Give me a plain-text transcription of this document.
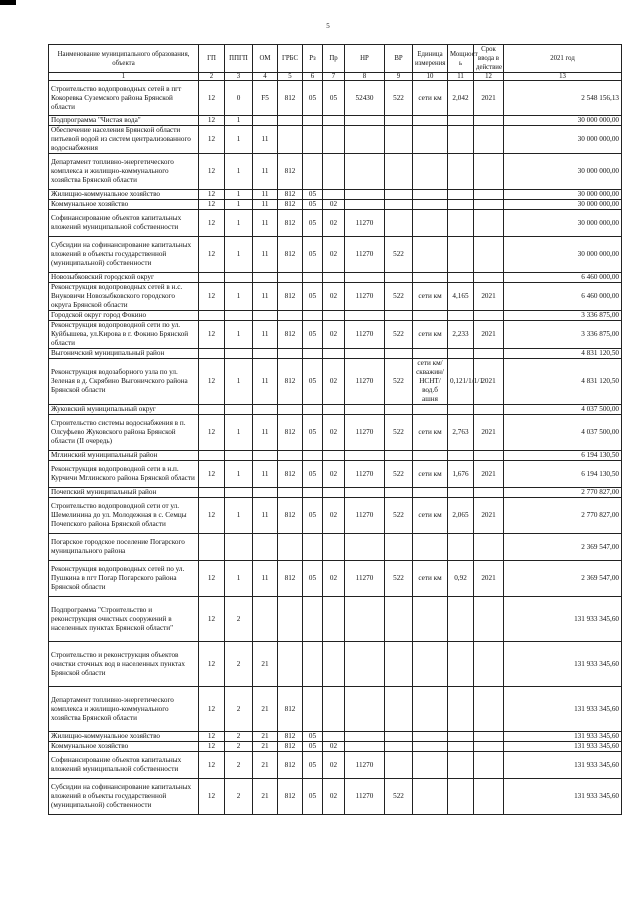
5
Наименование муниципального образования, объекта	ГП	ППГП	ОМ	ГРБС	Рз	Пр	НР	ВР	Единица измерения	Мощност ь	Срок ввода в действие	2021 год
1	2	3	4	5	6	7	8	9	10	11	12	13
Строительство водопроводных сетей в пгт Кокоревка Суземского района Брянской области	12	0	F5	812	05	05	52430	522	сети км	2,042	2021	2 548 156,13
Подпрограмма "Чистая вода"	12	1										30 000 000,00
Обеспечение населения Брянской области питьевой водой из систем централизованного водоснабжения	12	1	11									30 000 000,00
Департамент топливно-энергетического комплекса и жилищно-коммунального хозяйства Брянской области	12	1	11	812								30 000 000,00
Жилищно-коммунальное хозяйство	12	1	11	812	05							30 000 000,00
Коммунальное хозяйство	12	1	11	812	05	02						30 000 000,00
Софинансирование объектов капитальных вложений муниципальной собственности	12	1	11	812	05	02	11270					30 000 000,00
Субсидии на софинансирование капитальных вложений в объекты государственной (муниципальной) собственности	12	1	11	812	05	02	11270	522				30 000 000,00
Новозыбковский городской округ												6 460 000,00
Реконструкция водопроводных сетей в н.с. Внуковичи Новозыбковского городского округа Брянской области	12	1	11	812	05	02	11270	522	сети км	4,165	2021	6 460 000,00
Городской округ город Фокино												3 336 875,00
Реконструкция водопроводной сети по ул. Куйбышева, ул.Кирова в г. Фокино Брянской области	12	1	11	812	05	02	11270	522	сети км	2,233	2021	3 336 875,00
Выгоничский муниципальный район												4 831 120,50
Реконструкция водозаборного узла по ул. Зеленая в д. Скрябино Выгоничского района Брянской области	12	1	11	812	05	02	11270	522	сети км/скважин/ НСНТ/вод.б ашня	0,121/1/1/1	2021	4 831 120,50
Жуковский муниципальный округ												4 037 500,00
Строительство системы водоснабжения в п. Олсуфьево Жуковского района Брянской области (II очередь)	12	1	11	812	05	02	11270	522	сети км	2,763	2021	4 037 500,00
Мглинский муниципальный район												6 194 130,50
Реконструкция водопроводной сети в н.п. Курчичи Мглинского района Брянской области	12	1	11	812	05	02	11270	522	сети км	1,676	2021	6 194 130,50
Почепский муниципальный район												2 770 827,00
Строительство водопроводной сети от ул. Шемелинина до ул. Молодежная в с. Семцы Почепского района Брянской области	12	1	11	812	05	02	11270	522	сети км	2,065	2021	2 770 827,00
Погарское городское поселение Погарского муниципального района												2 369 547,00
Реконструкция водопроводных сетей по ул. Пушкина в пгт Погар Погарского района Брянской области	12	1	11	812	05	02	11270	522	сети км	0,92	2021	2 369 547,00
Подпрограмма "Строительство и реконструкция очистных сооружений в населенных пунктах Брянской области"	12	2										131 933 345,60
Строительство и реконструкция объектов очистки сточных вод в населенных пунктах Брянской области	12	2	21									131 933 345,60
Департамент топливно-энергетического комплекса и жилищно-коммунального хозяйства Брянской области	12	2	21	812								131 933 345,60
Жилищно-коммунальное хозяйство	12	2	21	812	05							131 933 345,60
Коммунальное хозяйство	12	2	21	812	05	02						131 933 345,60
Софинансирование объектов капитальных вложений муниципальной собственности	12	2	21	812	05	02	11270					131 933 345,60
Субсидии на софинансирование капитальных вложений в объекты государственной (муниципальной) собственности	12	2	21	812	05	02	11270	522				131 933 345,60
